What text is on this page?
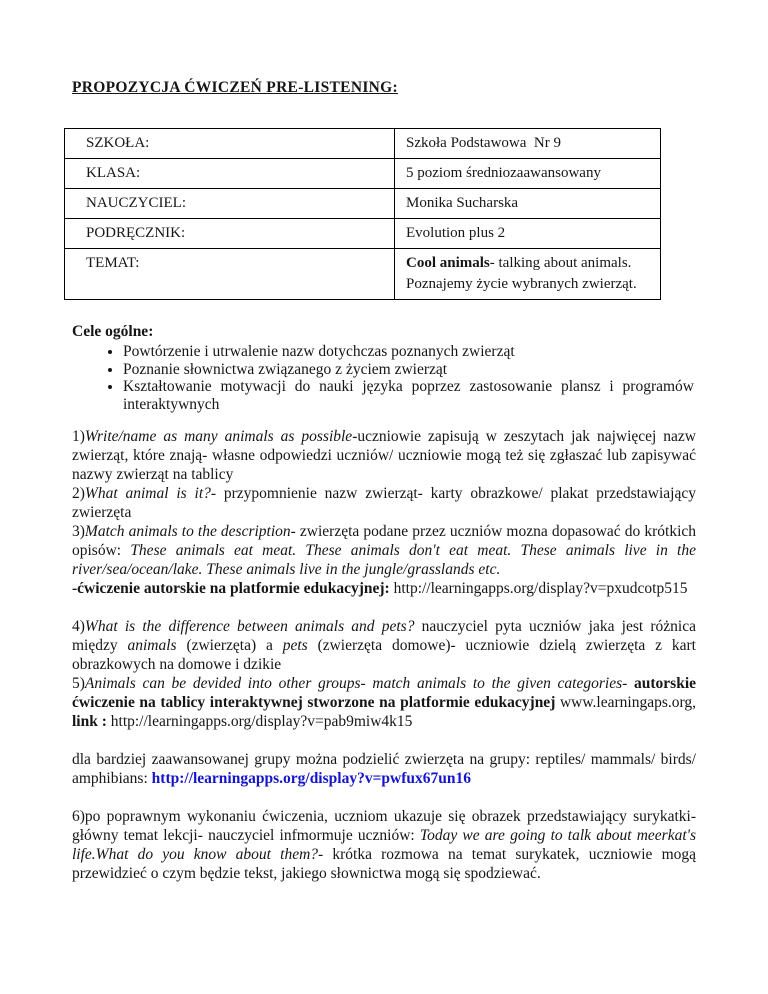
PROPOZYCJA ĆWICZEŃ PRE-LISTENING:
SZKOŁA:	Szkoła Podstawowa  Nr 9
KLASA:	5 poziom średniozaawansowany
NAUCZYCIEL:	Monika Sucharska
PODRĘCZNIK:	Evolution plus 2
TEMAT:	Cool animals- talking about animals.
Poznajemy życie wybranych zwierząt.

Cele ogólne:

• Powtórzenie i utrwalenie nazw dotychczas poznanych zwierząt
• Poznanie słownictwa związanego z życiem zwierząt
• Kształtowanie motywacji do nauki języka poprzez zastosowanie plansz i programów interaktywnych

1)Write/name as many animals as possible-uczniowie zapisują w zeszytach jak najwięcej nazw zwierząt, które znają- własne odpowiedzi uczniów/ uczniowie mogą też się zgłaszać lub zapisywać nazwy zwierząt na tablicy

2)What animal is it?- przypomnienie nazw zwierząt- karty obrazkowe/ plakat przedstawiający zwierzęta

3)Match animals to the description- zwierzęta podane przez uczniów mozna dopasować do krótkich opisów: These animals eat meat. These animals don't eat meat. These animals live in the river/sea/ocean/lake. These animals live in the jungle/grasslands etc.

-ćwiczenie autorskie na platformie edukacyjnej: http://learningapps.org/display?v=pxudcotp515

4)What is the difference between animals and pets? nauczyciel pyta uczniów jaka jest różnica między animals (zwierzęta) a pets (zwierzęta domowe)- uczniowie dzielą zwierzęta z kart obrazkowych na domowe i dzikie

5)Animals can be devided into other groups- match animals to the given categories- autorskie ćwiczenie na tablicy interaktywnej stworzone na platformie edukacyjnej www.learningaps.org, link : http://learningapps.org/display?v=pab9miw4k15

dla bardziej zaawansowanej grupy można podzielić zwierzęta na grupy: reptiles/ mammals/ birds/ amphibians: http://learningapps.org/display?v=pwfux67un16

6)po poprawnym wykonaniu ćwiczenia, uczniom ukazuje się obrazek przedstawiający surykatki- główny temat lekcji- nauczyciel infmormuje uczniów: Today we are going to talk about meerkat's life.What do you know about them?- krótka rozmowa na temat surykatek, uczniowie mogą przewidzieć o czym będzie tekst, jakiego słownictwa mogą się spodziewać.
